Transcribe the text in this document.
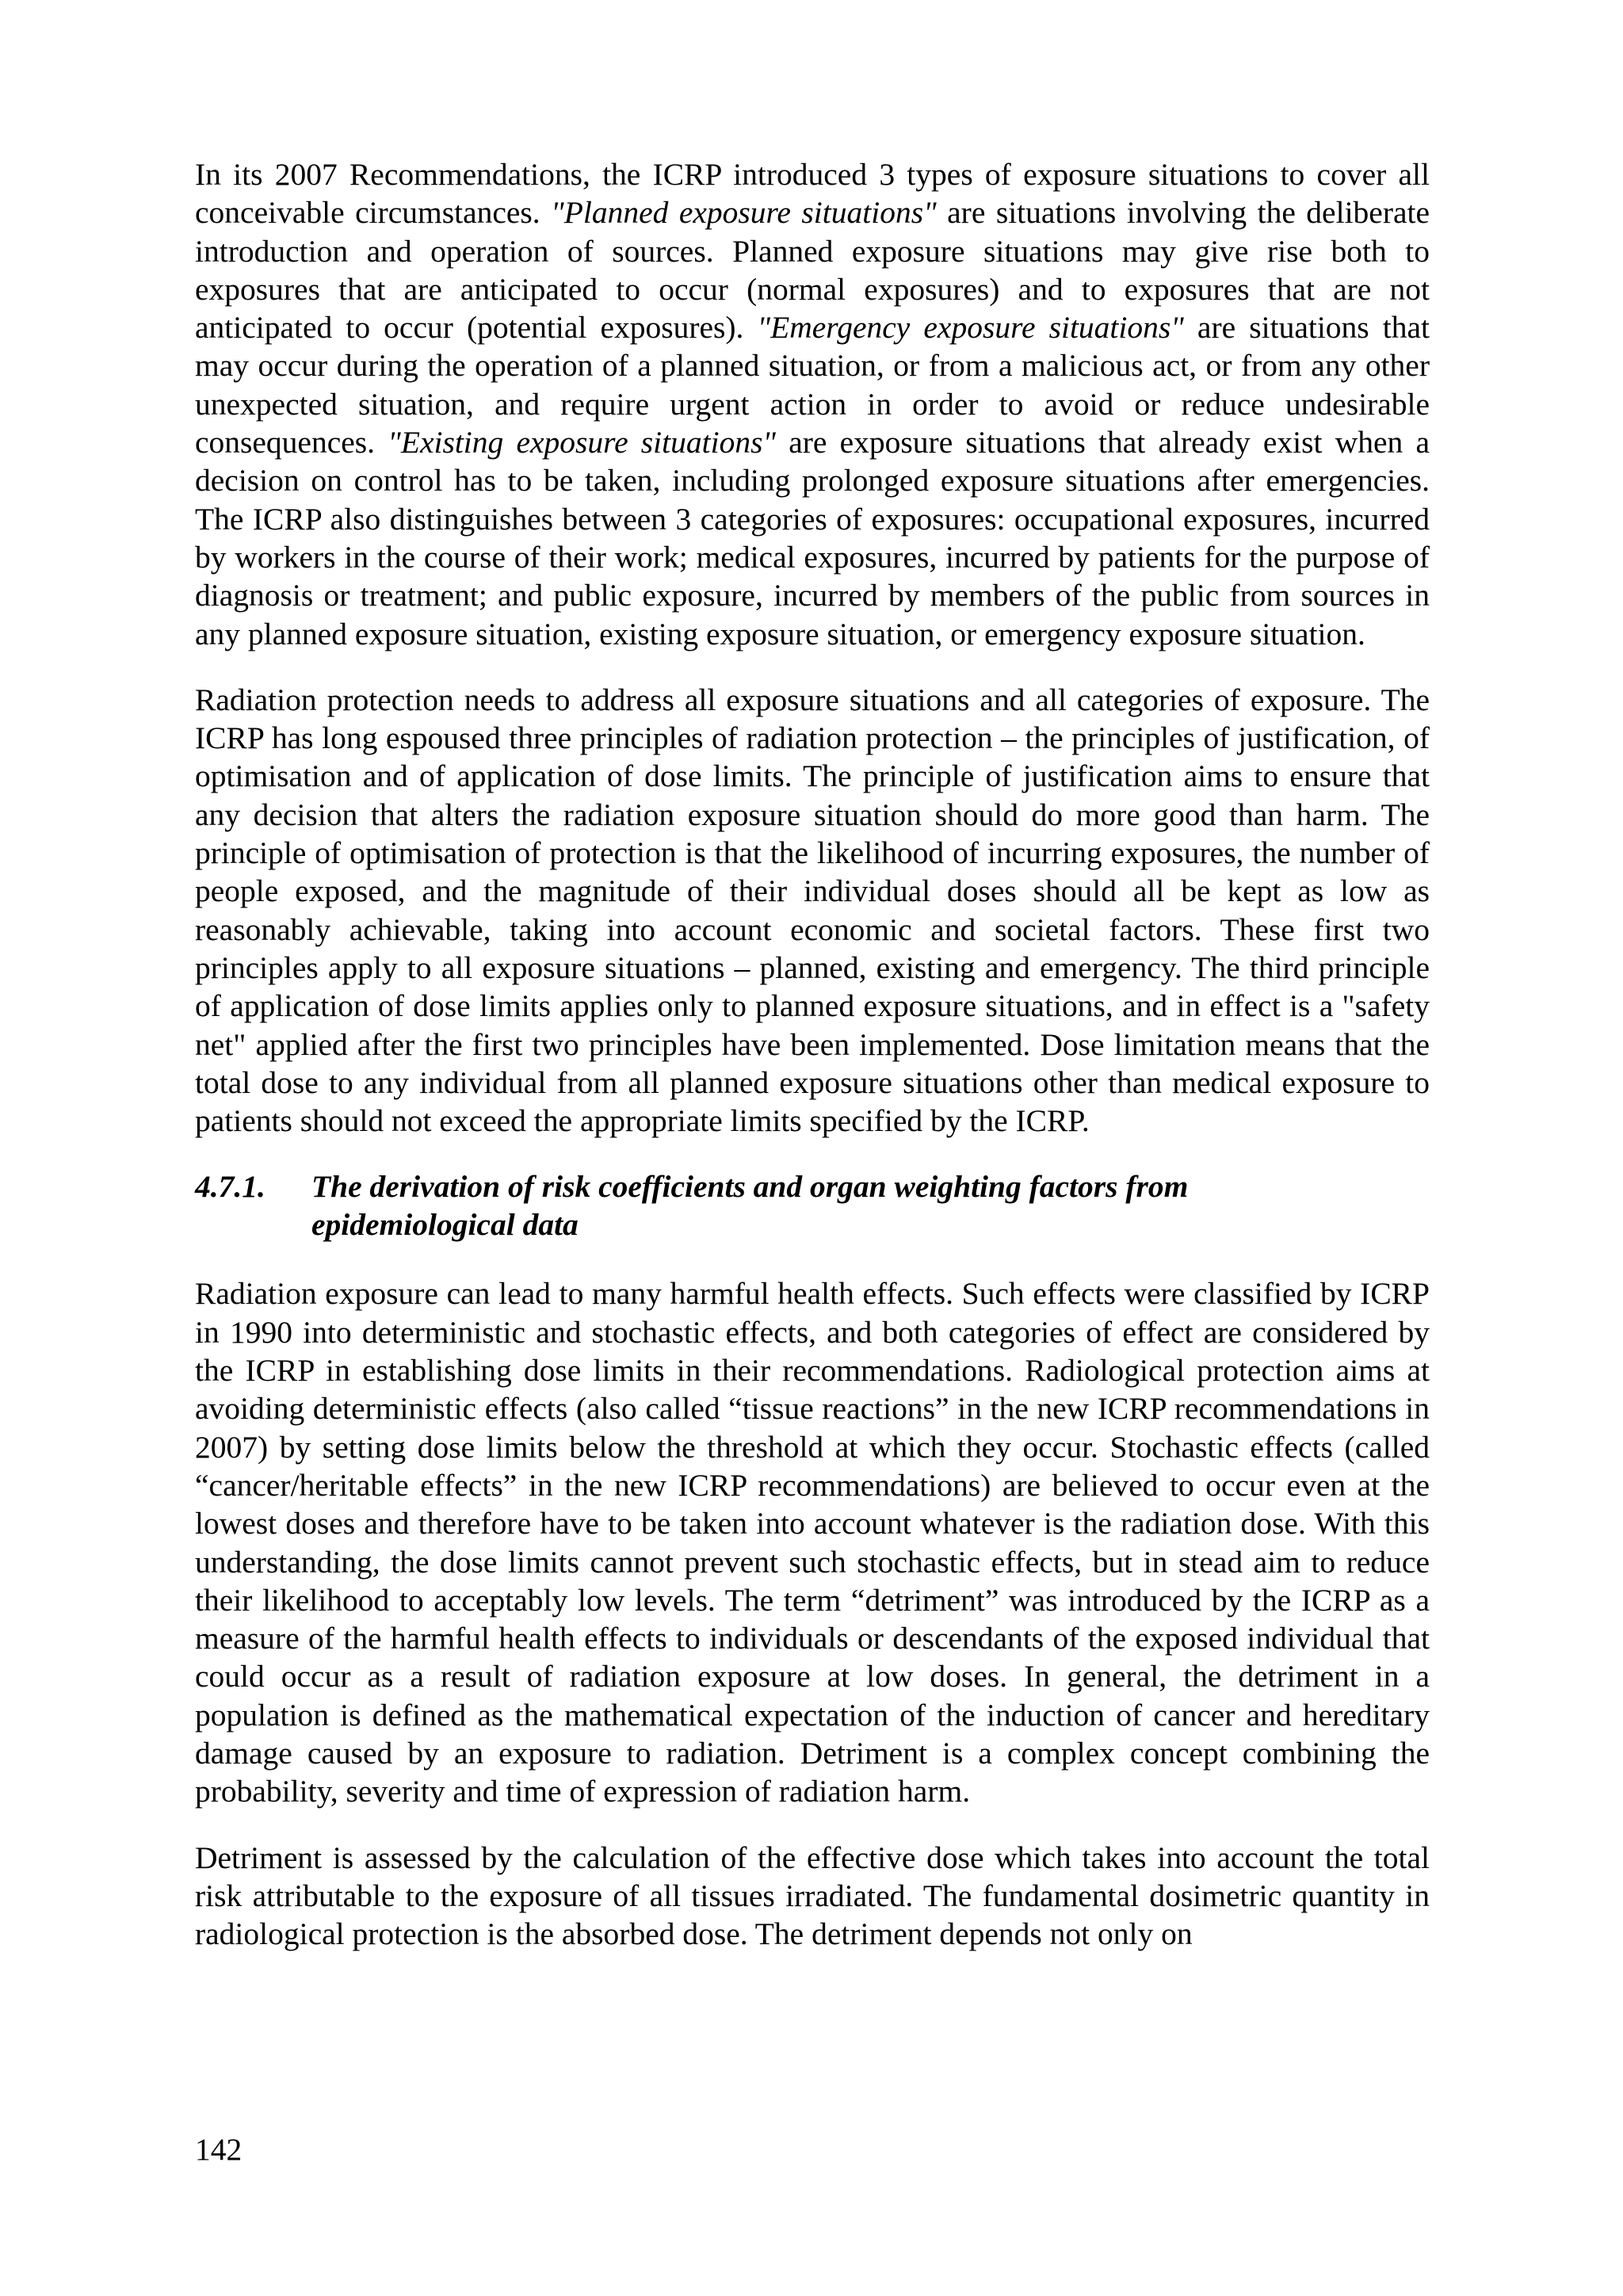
In its 2007 Recommendations, the ICRP introduced 3 types of exposure situations to cover all conceivable circumstances. "Planned exposure situations" are situations involving the deliberate introduction and operation of sources. Planned exposure situations may give rise both to exposures that are anticipated to occur (normal exposures) and to exposures that are not anticipated to occur (potential exposures). "Emergency exposure situations" are situations that may occur during the operation of a planned situation, or from a malicious act, or from any other unexpected situation, and require urgent action in order to avoid or reduce undesirable consequences. "Existing exposure situations" are exposure situations that already exist when a decision on control has to be taken, including prolonged exposure situations after emergencies. The ICRP also distinguishes between 3 categories of exposures: occupational exposures, incurred by workers in the course of their work; medical exposures, incurred by patients for the purpose of diagnosis or treatment; and public exposure, incurred by members of the public from sources in any planned exposure situation, existing exposure situation, or emergency exposure situation.

Radiation protection needs to address all exposure situations and all categories of exposure. The ICRP has long espoused three principles of radiation protection – the principles of justification, of optimisation and of application of dose limits. The principle of justification aims to ensure that any decision that alters the radiation exposure situation should do more good than harm. The principle of optimisation of protection is that the likelihood of incurring exposures, the number of people exposed, and the magnitude of their individual doses should all be kept as low as reasonably achievable, taking into account economic and societal factors. These first two principles apply to all exposure situations – planned, existing and emergency. The third principle of application of dose limits applies only to planned exposure situations, and in effect is a "safety net" applied after the first two principles have been implemented. Dose limitation means that the total dose to any individual from all planned exposure situations other than medical exposure to patients should not exceed the appropriate limits specified by the ICRP.

4.7.1.	The derivation of risk coefficients and organ weighting factors from epidemiological data

Radiation exposure can lead to many harmful health effects. Such effects were classified by ICRP in 1990 into deterministic and stochastic effects, and both categories of effect are considered by the ICRP in establishing dose limits in their recommendations. Radiological protection aims at avoiding deterministic effects (also called “tissue reactions” in the new ICRP recommendations in 2007) by setting dose limits below the threshold at which they occur. Stochastic effects (called “cancer/heritable effects” in the new ICRP recommendations) are believed to occur even at the lowest doses and therefore have to be taken into account whatever is the radiation dose. With this understanding, the dose limits cannot prevent such stochastic effects, but in stead aim to reduce their likelihood to acceptably low levels. The term “detriment” was introduced by the ICRP as a measure of the harmful health effects to individuals or descendants of the exposed individual that could occur as a result of radiation exposure at low doses. In general, the detriment in a population is defined as the mathematical expectation of the induction of cancer and hereditary damage caused by an exposure to radiation. Detriment is a complex concept combining the probability, severity and time of expression of radiation harm.

Detriment is assessed by the calculation of the effective dose which takes into account the total risk attributable to the exposure of all tissues irradiated. The fundamental dosimetric quantity in radiological protection is the absorbed dose. The detriment depends not only on

142
